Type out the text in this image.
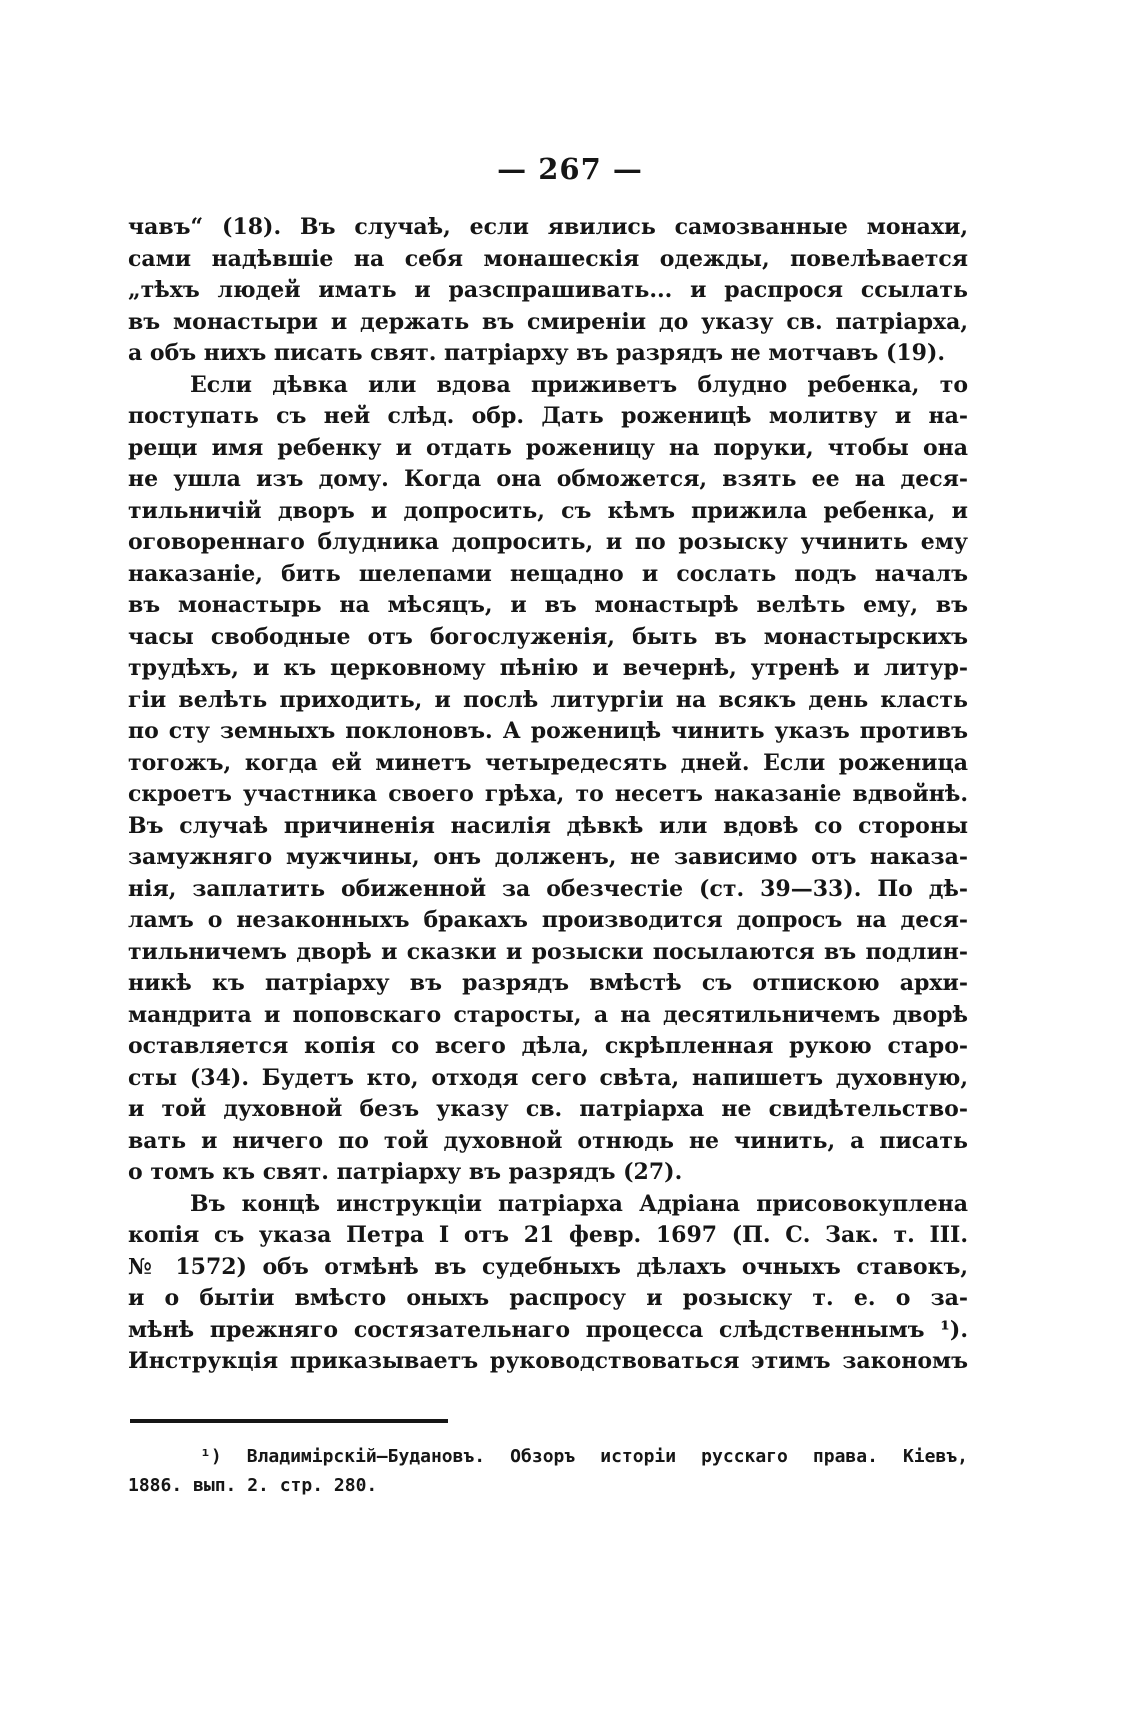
— 267 —
чавъ“ (18). Въ случаѣ, если явились самозванные монахи,
сами надѣвшіе на себя монашескія одежды, повелѣвается
„тѣхъ людей имать и разспрашивать... и распрося ссылать
въ монастыри и держать въ смиреніи до указу св. патріарха,
а объ нихъ писать свят. патріарху въ разрядъ не мотчавъ (19).
Если дѣвка или вдова приживетъ блудно ребенка, то
поступать съ ней слѣд. обр. Дать роженицѣ молитву и на-
рещи имя ребенку и отдать роженицу на поруки, чтобы она
не ушла изъ дому. Когда она обможется, взять ее на деся-
тильничій дворъ и допросить, съ кѣмъ прижила ребенка, и
оговореннаго блудника допросить, и по розыску учинить ему
наказаніе, бить шелепами нещадно и сослать подъ началъ
въ монастырь на мѣсяцъ, и въ монастырѣ велѣть ему, въ
часы свободные отъ богослуженія, быть въ монастырскихъ
трудѣхъ, и къ церковному пѣнію и вечернѣ, утренѣ и литур-
гіи велѣть приходить, и послѣ литургіи на всякъ день класть
по сту земныхъ поклоновъ. А роженицѣ чинить указъ противъ
тогожъ, когда ей минетъ четыредесять дней. Если роженица
скроетъ участника своего грѣха, то несетъ наказаніе вдвойнѣ.
Въ случаѣ причиненія насилія дѣвкѣ или вдовѣ со стороны
замужняго мужчины, онъ долженъ, не зависимо отъ наказа-
нія, заплатить обиженной за обезчестіе (ст. 39—33). По дѣ-
ламъ о незаконныхъ бракахъ производится допросъ на деся-
тильничемъ дворѣ и сказки и розыски посылаются въ подлин-
никѣ къ патріарху въ разрядъ вмѣстѣ съ отпискою архи-
мандрита и поповскаго старосты, а на десятильничемъ дворѣ
оставляется копія со всего дѣла, скрѣпленная рукою старо-
сты (34). Будетъ кто, отходя сего свѣта, напишетъ духовную,
и той духовной безъ указу св. патріарха не свидѣтельство-
вать и ничего по той духовной отнюдь не чинить, а писать
о томъ къ свят. патріарху въ разрядъ (27).
Въ концѣ инструкціи патріарха Адріана присовокуплена
копія съ указа Петра I отъ 21 февр. 1697 (П. С. Зак. т. III.
№ 1572) объ отмѣнѣ въ судебныхъ дѣлахъ очныхъ ставокъ,
и о бытіи вмѣсто оныхъ распросу и розыску т. е. о за-
мѣнѣ прежняго состязательнаго процесса слѣдственнымъ ¹).
Инструкція приказываетъ руководствоваться этимъ закономъ
¹) Владимірскій—Будановъ. Обзоръ исторіи русскаго права. Кіевъ,
1886. вып. 2. стр. 280.
